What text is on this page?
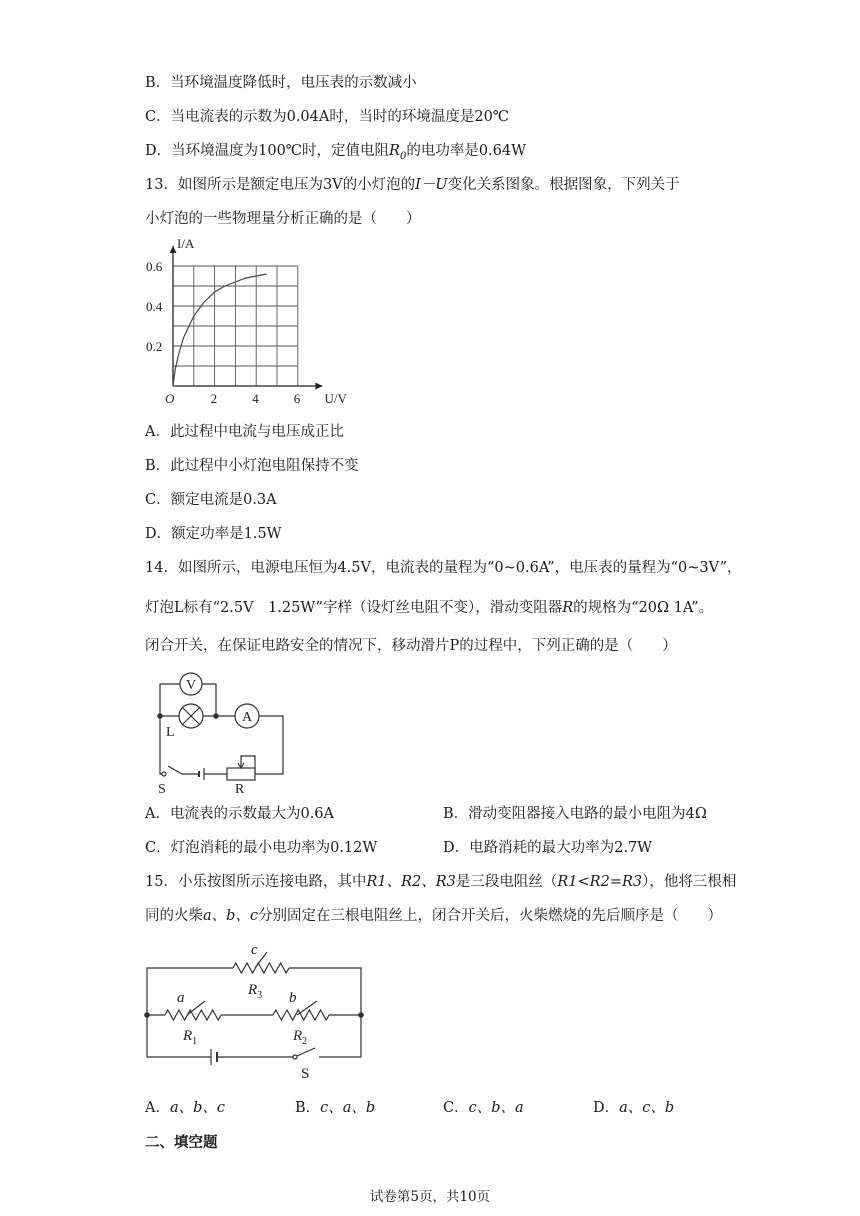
B．当环境温度降低时，电压表的示数减小
C．当电流表的示数为0.04A时，当时的环境温度是20℃
D．当环境温度为100℃时，定值电阻$R_0$的电功率是0.64W
13．如图所示是额定电压为3V的小灯泡的I－U变化关系图象。根据图象，下列关于
小灯泡的一些物理量分析正确的是（　　）
2	4	6
0.2
0.4
0.6
I/A
U/V
O
A．此过程中电流与电压成正比
B．此过程中小灯泡电阻保持不变
C．额定电流是0.3A
D．额定功率是1.5W
14．如图所示，电源电压恒为4.5V，电流表的量程为“0~0.6A”，电压表的量程为“0~3V”，
灯泡L标有“2.5V　1.25W”字样（设灯丝电阻不变），滑动变阻器R的规格为“20Ω 1A”。
闭合开关，在保证电路安全的情况下，移动滑片P的过程中，下列正确的是（　　）
V
A
L
S	R
A．电流表的示数最大为0.6A	B．滑动变阻器接入电路的最小电阻为4Ω
C．灯泡消耗的最小电功率为0.12W	D．电路消耗的最大功率为2.7W
15．小乐按图所示连接电路，其中R1、R2、R3是三段电阻丝（R1<R2=R3），他将三根相
同的火柴a、b、c分别固定在三根电阻丝上，闭合开关后，火柴燃烧的先后顺序是（　　）
c
a	b
$R_3$
$R_1$	$R_2$
S
A．a、b、c	B．c、a、b	C．c、b、a	D．a、c、b
二、填空题
试卷第5页，共10页
